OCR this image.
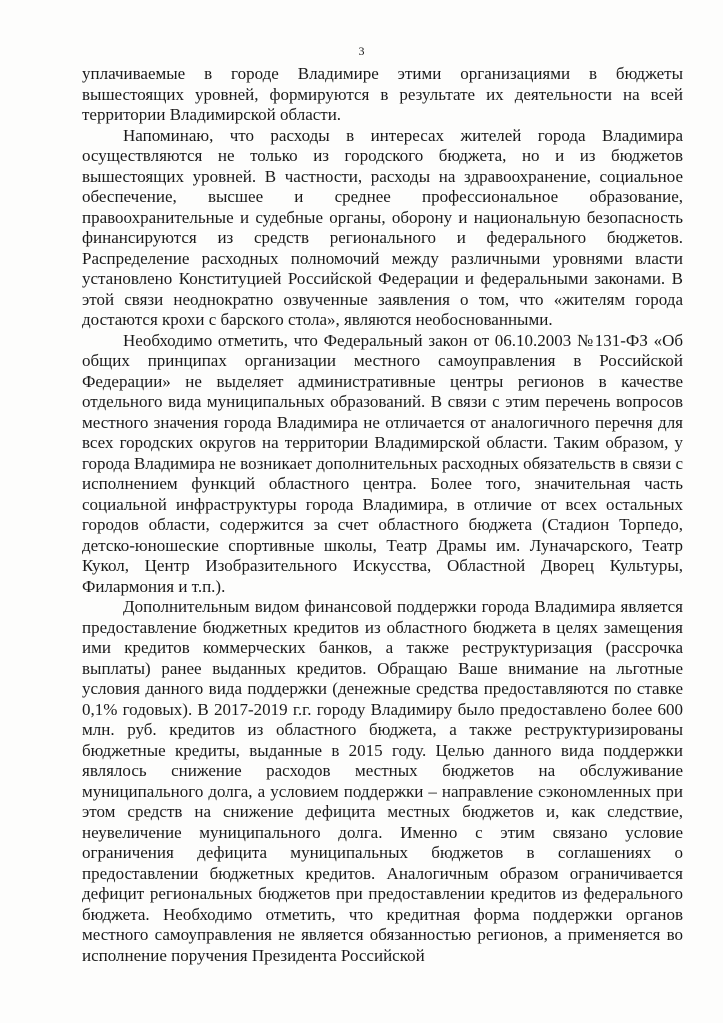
3

уплачиваемые в городе Владимире этими организациями в бюджеты вышестоящих уровней, формируются в результате их деятельности на всей территории Владимирской области.

Напоминаю, что расходы в интересах жителей города Владимира осуществляются не только из городского бюджета, но и из бюджетов вышестоящих уровней. В частности, расходы на здравоохранение, социальное обеспечение, высшее и среднее профессиональное образование, правоохранительные и судебные органы, оборону и национальную безопасность финансируются из средств регионального и федерального бюджетов. Распределение расходных полномочий между различными уровнями власти установлено Конституцией Российской Федерации и федеральными законами. В этой связи неоднократно озвученные заявления о том, что «жителям города достаются крохи с барского стола», являются необоснованными.

Необходимо отметить, что Федеральный закон от 06.10.2003 №131-ФЗ «Об общих принципах организации местного самоуправления в Российской Федерации» не выделяет административные центры регионов в качестве отдельного вида муниципальных образований. В связи с этим перечень вопросов местного значения города Владимира не отличается от аналогичного перечня для всех городских округов на территории Владимирской области. Таким образом, у города Владимира не возникает дополнительных расходных обязательств в связи с исполнением функций областного центра. Более того, значительная часть социальной инфраструктуры города Владимира, в отличие от всех остальных городов области, содержится за счет областного бюджета (Стадион Торпедо, детско-юношеские спортивные школы, Театр Драмы им. Луначарского, Театр Кукол, Центр Изобразительного Искусства, Областной Дворец Культуры, Филармония и т.п.).

Дополнительным видом финансовой поддержки города Владимира является предоставление бюджетных кредитов из областного бюджета в целях замещения ими кредитов коммерческих банков, а также реструктуризация (рассрочка выплаты) ранее выданных кредитов. Обращаю Ваше внимание на льготные условия данного вида поддержки (денежные средства предоставляются по ставке 0,1% годовых). В 2017-2019 г.г. городу Владимиру было предоставлено более 600 млн. руб. кредитов из областного бюджета, а также реструктуризированы бюджетные кредиты, выданные в 2015 году. Целью данного вида поддержки являлось снижение расходов местных бюджетов на обслуживание муниципального долга, а условием поддержки – направление сэкономленных при этом средств на снижение дефицита местных бюджетов и, как следствие, неувеличение муниципального долга. Именно с этим связано условие ограничения дефицита муниципальных бюджетов в соглашениях о предоставлении бюджетных кредитов. Аналогичным образом ограничивается дефицит региональных бюджетов при предоставлении кредитов из федерального бюджета. Необходимо отметить, что кредитная форма поддержки органов местного самоуправления не является обязанностью регионов, а применяется во исполнение поручения Президента Российской
